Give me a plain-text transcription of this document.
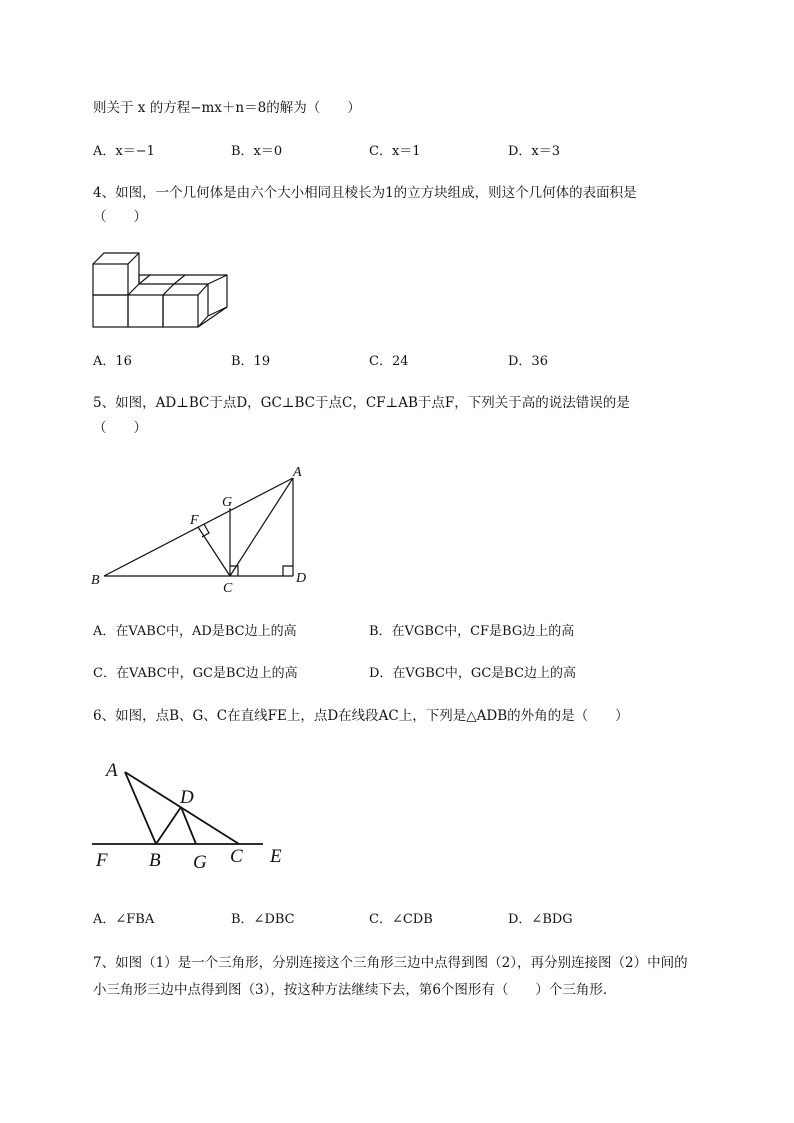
则关于 x 的方程−mx＋n＝8的解为（　　）
A．x＝−1	B．x＝0	C．x＝1	D．x＝3
4、如图，一个几何体是由六个大小相同且棱长为1的立方块组成，则这个几何体的表面积是
（　　）
A．16	B．19	C．24	D．36
5、如图，AD⊥BC于点D，GC⊥BC于点C，CF⊥AB于点F，下列关于高的说法错误的是
（　　）
A
B
C
D
F
G
A．在VABC中，AD是BC边上的高	B．在VGBC中，CF是BG边上的高
C．在VABC中，GC是BC边上的高	D．在VGBC中，GC是BC边上的高
6、如图，点B、G、C在直线FE上，点D在线段AC上，下列是△ADB的外角的是（　　）
A
D
F B G C E
A．∠FBA	B．∠DBC	C．∠CDB	D．∠BDG
7、如图（1）是一个三角形，分别连接这个三角形三边中点得到图（2），再分别连接图（2）中间的
小三角形三边中点得到图（3），按这种方法继续下去，第6个图形有（　　）个三角形．
